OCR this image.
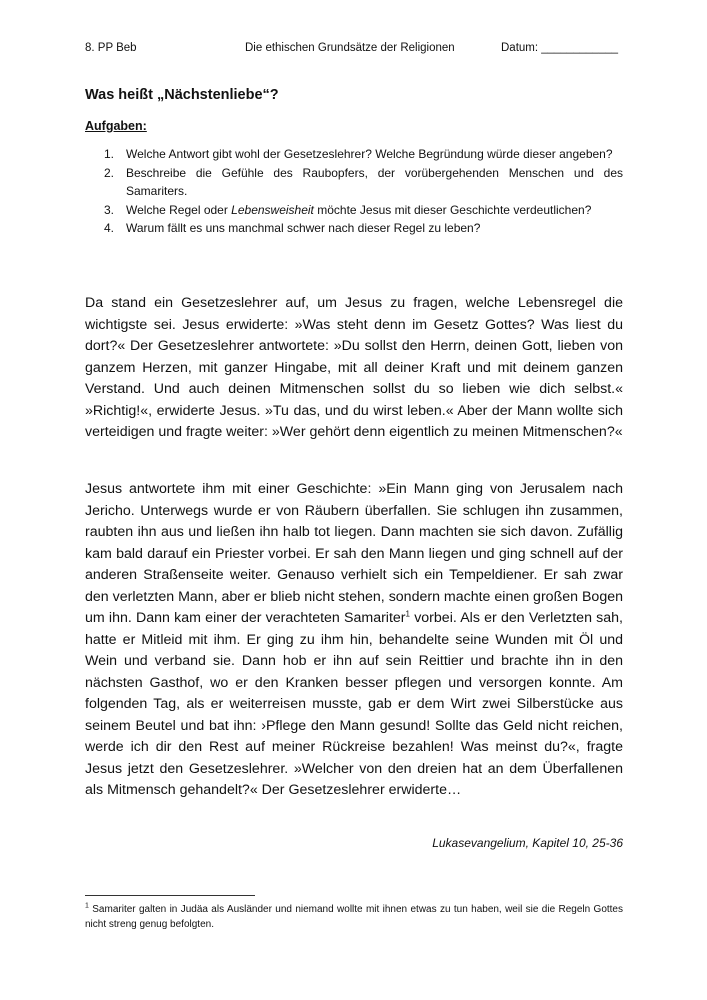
8. PP Beb	Die ethischen Grundsätze der Religionen	Datum: ____________
Was heißt „Nächstenliebe“?
Aufgaben:
1. Welche Antwort gibt wohl der Gesetzeslehrer? Welche Begründung würde dieser angeben?
2. Beschreibe die Gefühle des Raubopfers, der vorübergehenden Menschen und des Samariters.
3. Welche Regel oder Lebensweisheit möchte Jesus mit dieser Geschichte verdeutlichen?
4. Warum fällt es uns manchmal schwer nach dieser Regel zu leben?

Da stand ein Gesetzeslehrer auf, um Jesus zu fragen, welche Lebensregel die wichtigste sei. Jesus erwiderte: »Was steht denn im Gesetz Gottes? Was liest du dort?« Der Gesetzeslehrer antwortete: »Du sollst den Herrn, deinen Gott, lieben von ganzem Herzen, mit ganzer Hingabe, mit all deiner Kraft und mit deinem ganzen Verstand. Und auch deinen Mitmenschen sollst du so lieben wie dich selbst.« »Richtig!«, erwiderte Jesus. »Tu das, und du wirst leben.« Aber der Mann wollte sich verteidigen und fragte weiter: »Wer gehört denn eigentlich zu meinen Mitmenschen?«

Jesus antwortete ihm mit einer Geschichte: »Ein Mann ging von Jerusalem nach Jericho. Unterwegs wurde er von Räubern überfallen. Sie schlugen ihn zusammen, raubten ihn aus und ließen ihn halb tot liegen. Dann machten sie sich davon. Zufällig kam bald darauf ein Priester vorbei. Er sah den Mann liegen und ging schnell auf der anderen Straßenseite weiter. Genauso verhielt sich ein Tempeldiener. Er sah zwar den verletzten Mann, aber er blieb nicht stehen, sondern machte einen großen Bogen um ihn. Dann kam einer der verachteten Samariter$^1$ vorbei. Als er den Verletzten sah, hatte er Mitleid mit ihm. Er ging zu ihm hin, behandelte seine Wunden mit Öl und Wein und verband sie. Dann hob er ihn auf sein Reittier und brachte ihn in den nächsten Gasthof, wo er den Kranken besser pflegen und versorgen konnte. Am folgenden Tag, als er weiterreisen musste, gab er dem Wirt zwei Silberstücke aus seinem Beutel und bat ihn: ›Pflege den Mann gesund! Sollte das Geld nicht reichen, werde ich dir den Rest auf meiner Rückreise bezahlen! Was meinst du?«, fragte Jesus jetzt den Gesetzeslehrer. »Welcher von den dreien hat an dem Überfallenen als Mitmensch gehandelt?« Der Gesetzeslehrer erwiderte…

Lukasevangelium, Kapitel 10, 25-36
$^1$ Samariter galten in Judäa als Ausländer und niemand wollte mit ihnen etwas zu tun haben, weil sie die Regeln Gottes nicht streng genug befolgten.
